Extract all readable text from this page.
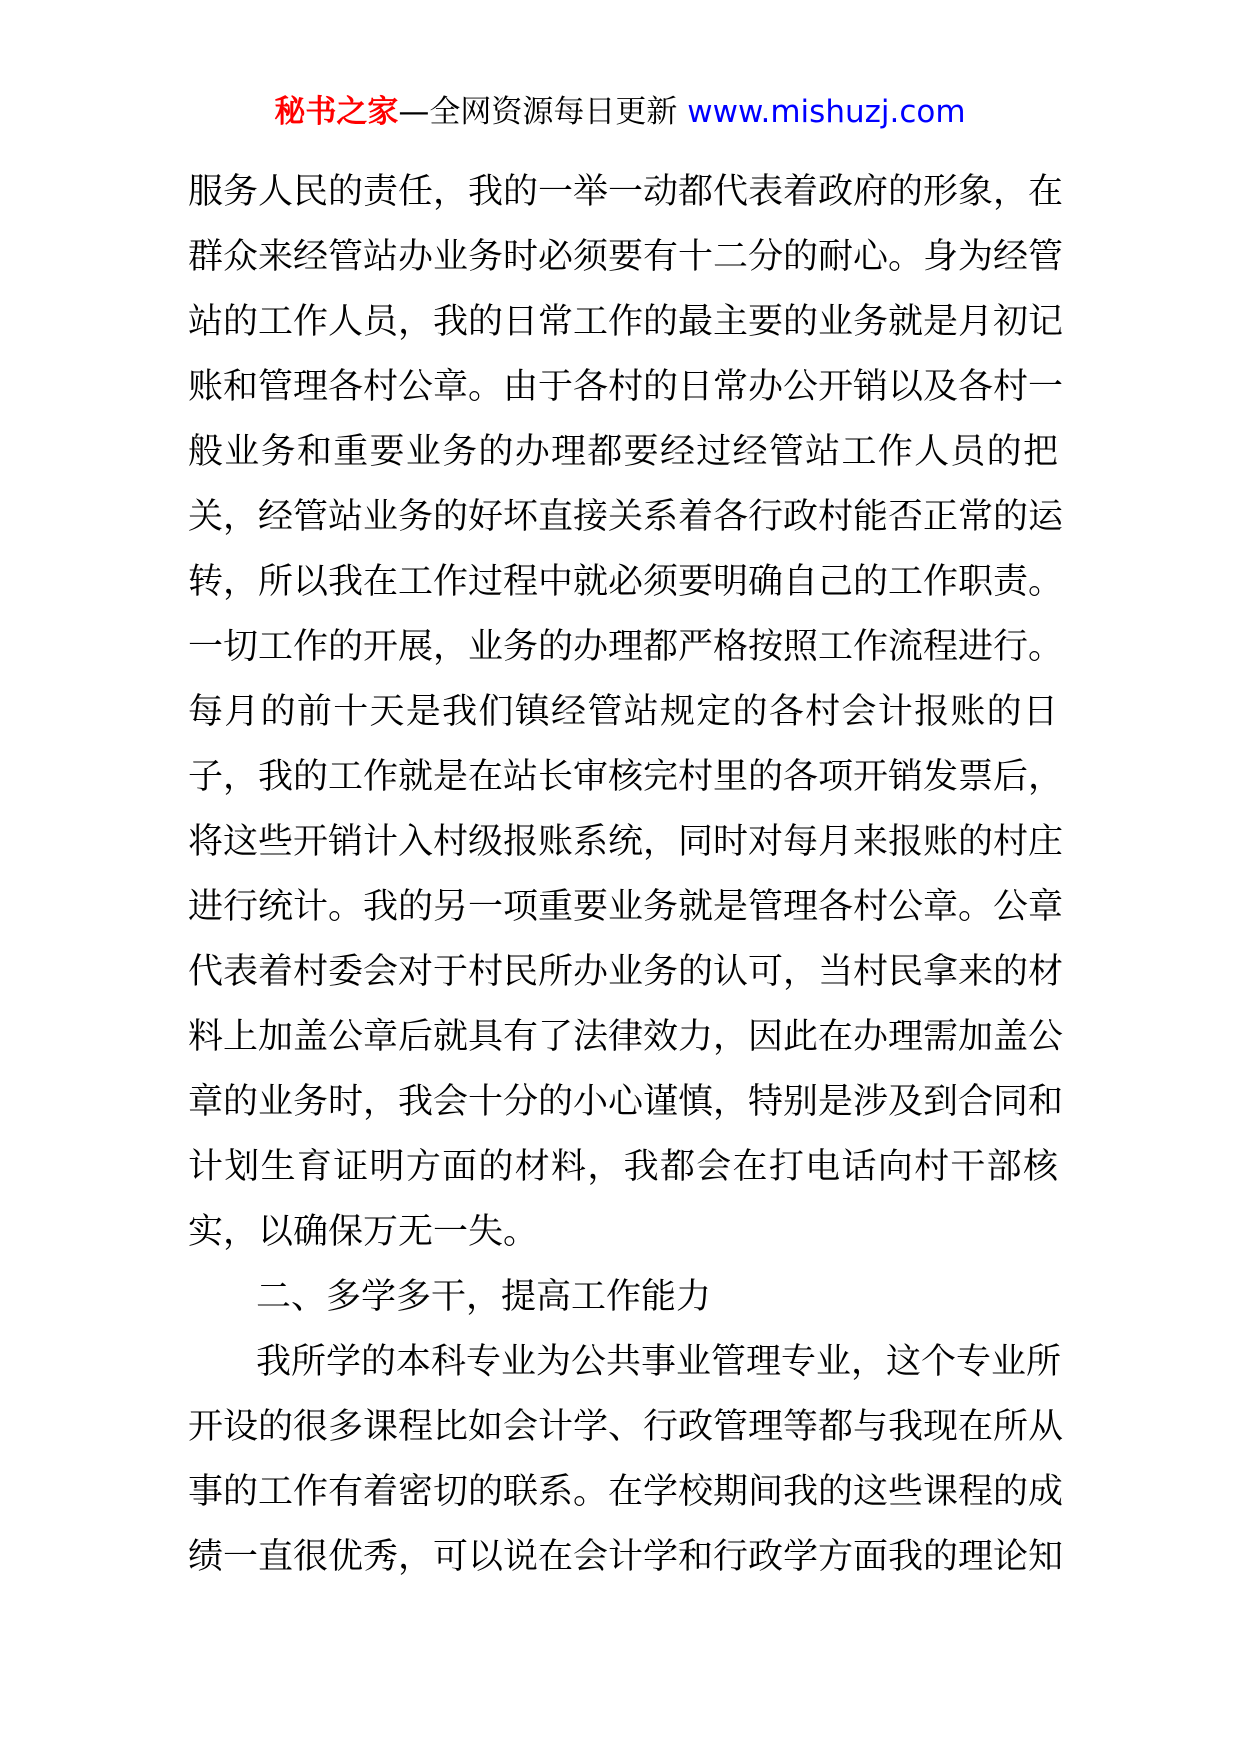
秘书之家—全网资源每日更新 www.mishuzj.com
服务人民的责任，我的一举一动都代表着政府的形象，在
群众来经管站办业务时必须要有十二分的耐心。身为经管
站的工作人员，我的日常工作的最主要的业务就是月初记
账和管理各村公章。由于各村的日常办公开销以及各村一
般业务和重要业务的办理都要经过经管站工作人员的把
关，经管站业务的好坏直接关系着各行政村能否正常的运
转，所以我在工作过程中就必须要明确自己的工作职责。
一切工作的开展，业务的办理都严格按照工作流程进行。
每月的前十天是我们镇经管站规定的各村会计报账的日
子，我的工作就是在站长审核完村里的各项开销发票后，
将这些开销计入村级报账系统，同时对每月来报账的村庄
进行统计。我的另一项重要业务就是管理各村公章。公章
代表着村委会对于村民所办业务的认可，当村民拿来的材
料上加盖公章后就具有了法律效力，因此在办理需加盖公
章的业务时，我会十分的小心谨慎，特别是涉及到合同和
计划生育证明方面的材料，我都会在打电话向村干部核
实，以确保万无一失。
二、多学多干，提高工作能力
我所学的本科专业为公共事业管理专业，这个专业所
开设的很多课程比如会计学、行政管理等都与我现在所从
事的工作有着密切的联系。在学校期间我的这些课程的成
绩一直很优秀，可以说在会计学和行政学方面我的理论知
